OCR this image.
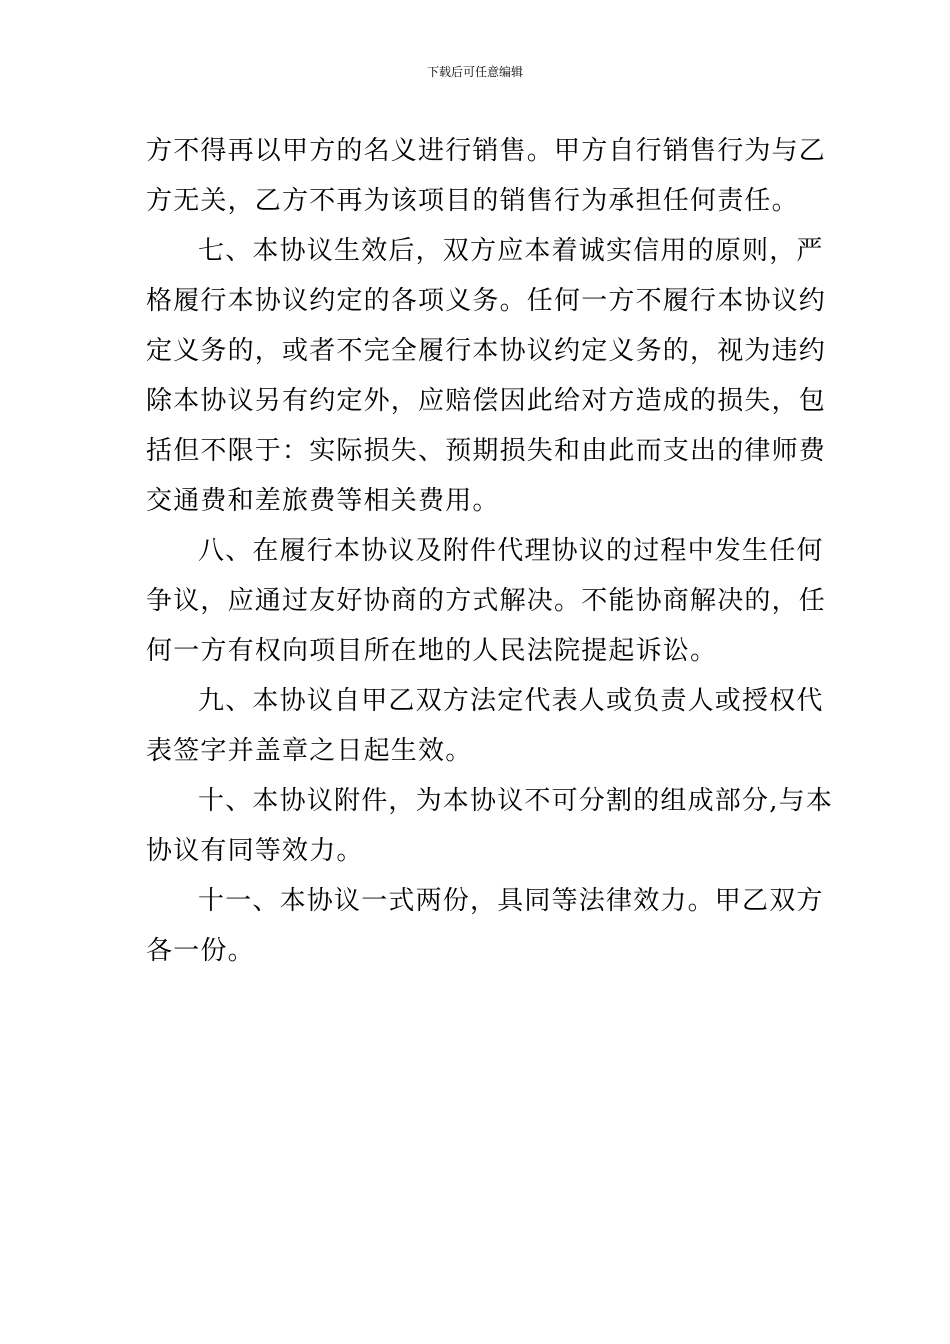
下载后可任意编辑
方不得再以甲方的名义进行销售。甲方自行销售行为与乙
方无关，乙方不再为该项目的销售行为承担任何责任。
七、本协议生效后，双方应本着诚实信用的原则，严
格履行本协议约定的各项义务。任何一方不履行本协议约
定义务的，或者不完全履行本协议约定义务的，视为违约
除本协议另有约定外，应赔偿因此给对方造成的损失，包
括但不限于：实际损失、预期损失和由此而支出的律师费
交通费和差旅费等相关费用。
八、在履行本协议及附件代理协议的过程中发生任何
争议，应通过友好协商的方式解决。不能协商解决的，任
何一方有权向项目所在地的人民法院提起诉讼。
九、本协议自甲乙双方法定代表人或负责人或授权代
表签字并盖章之日起生效。
十、本协议附件，为本协议不可分割的组成部分,与本
协议有同等效力。
十一、本协议一式两份，具同等法律效力。甲乙双方
各一份。
